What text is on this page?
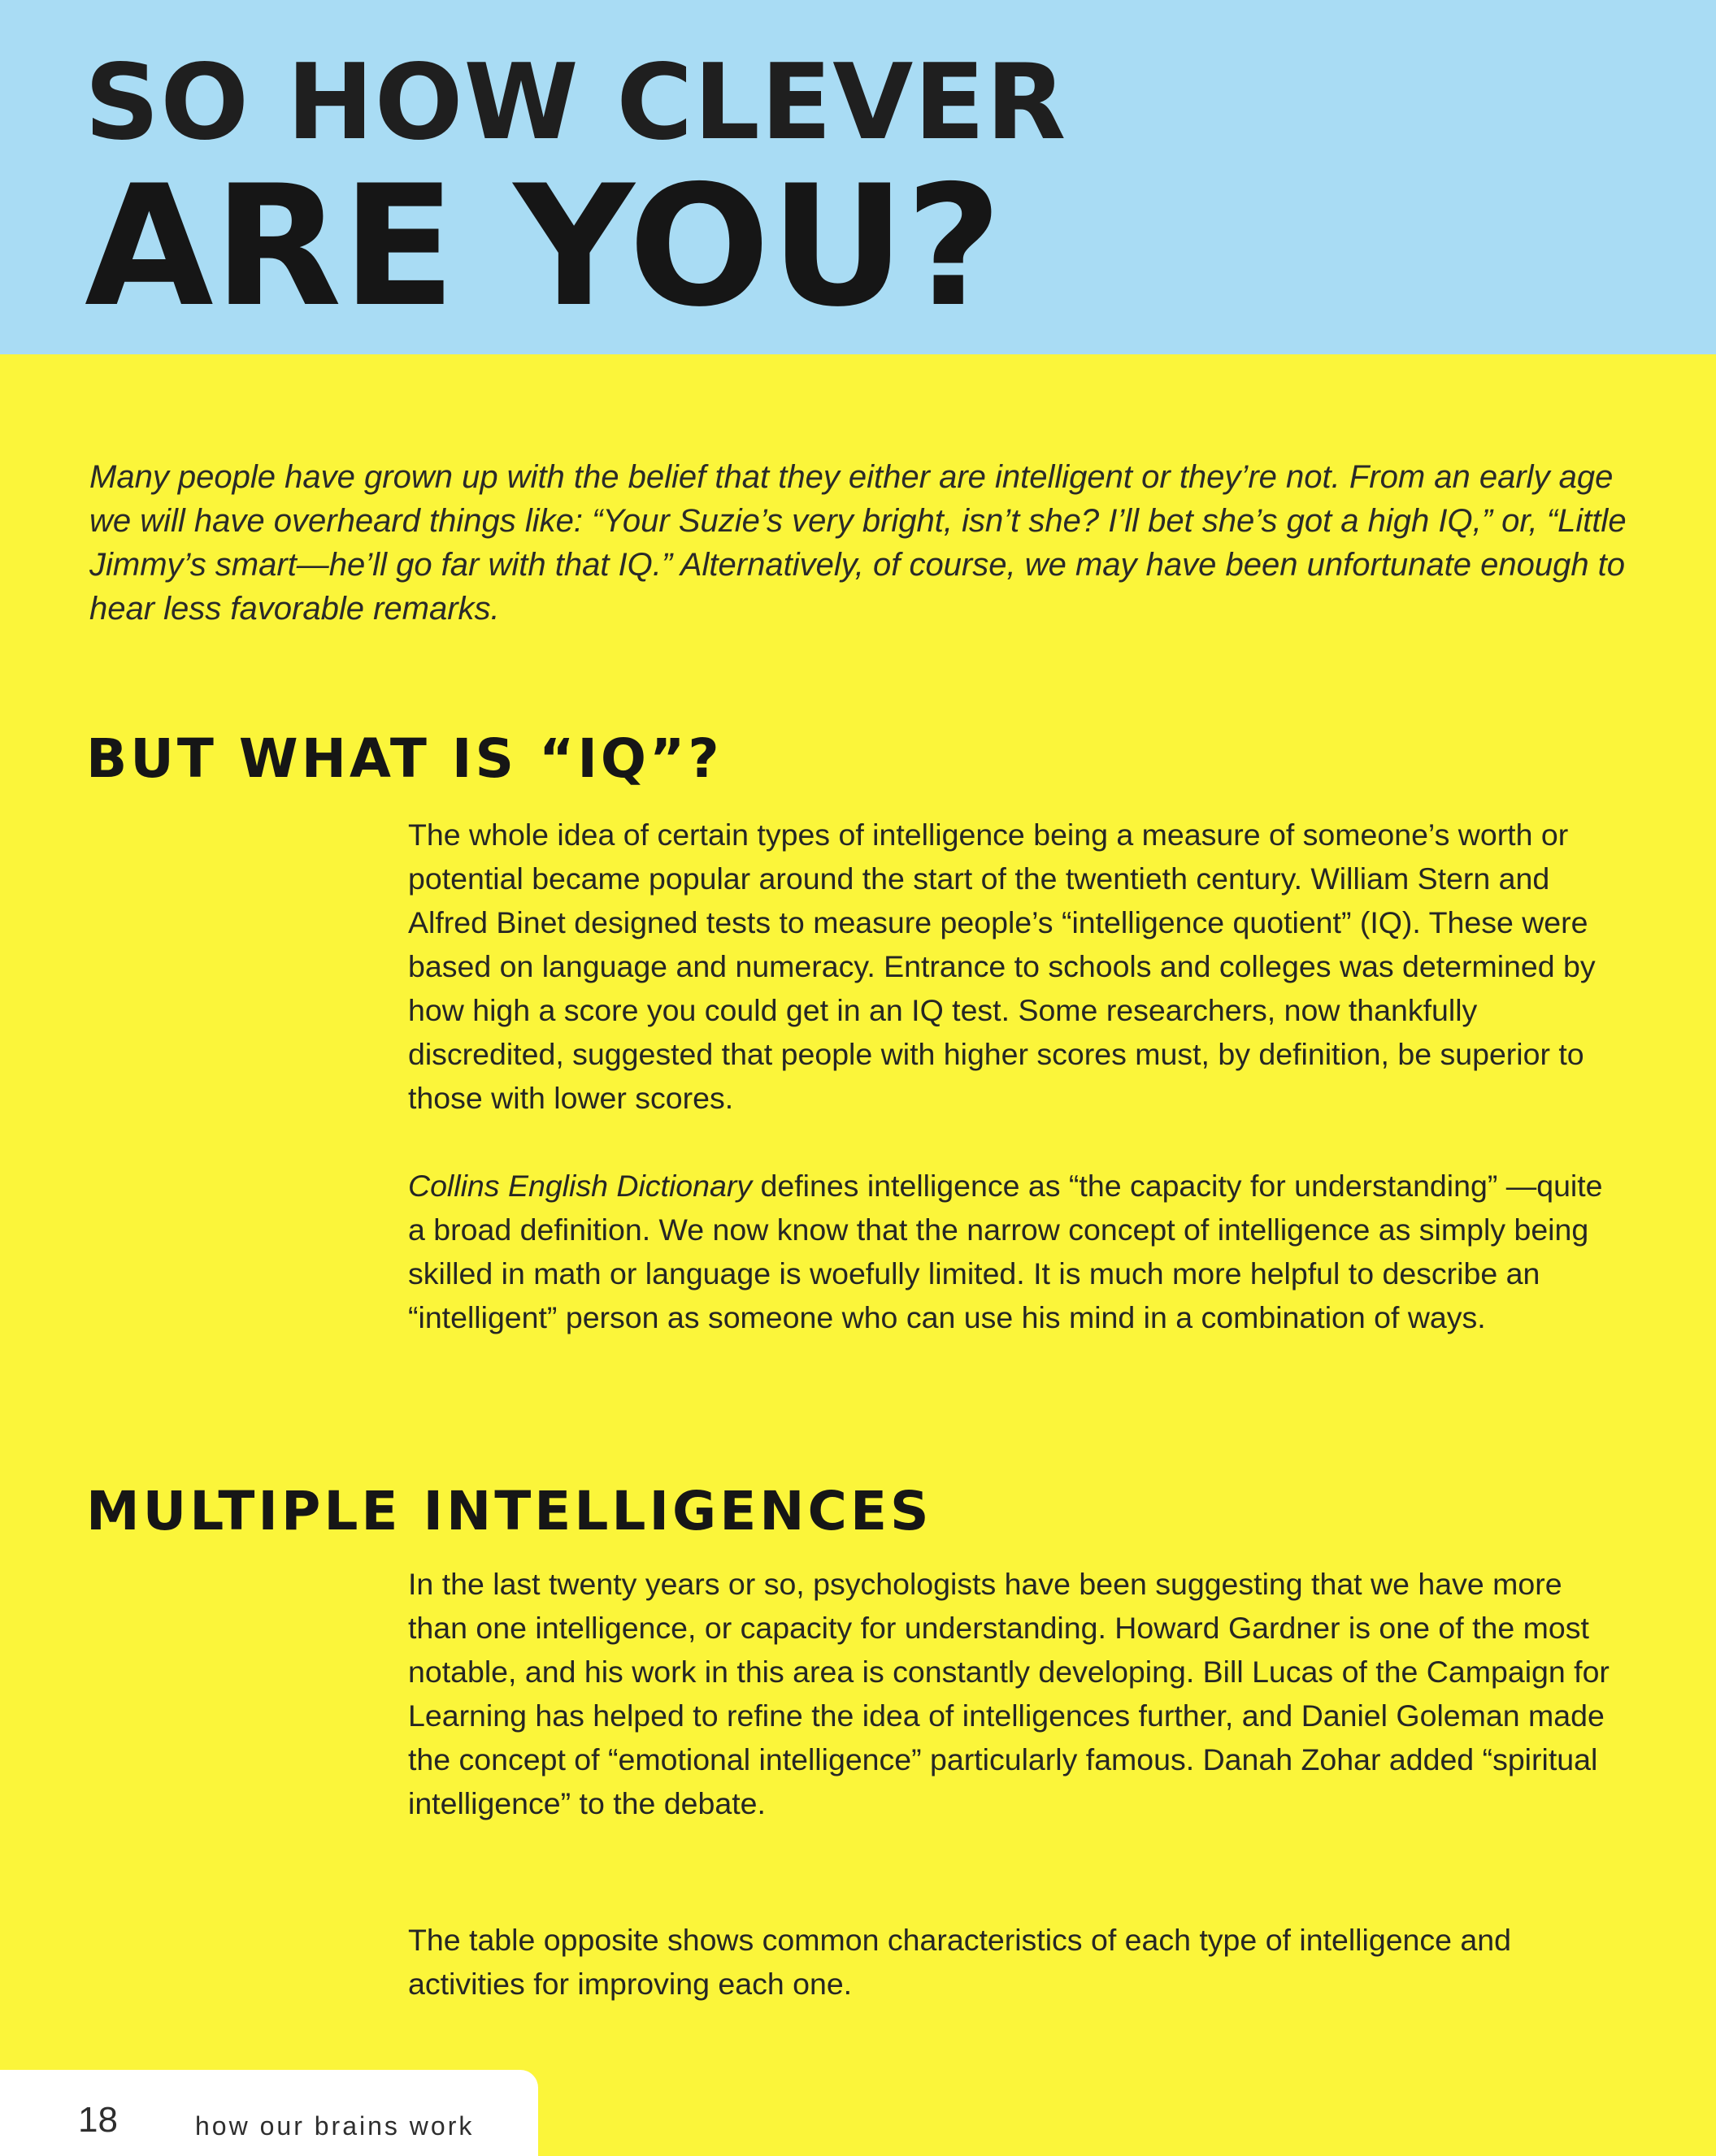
SO HOW CLEVER
ARE YOU?

Many people have grown up with the belief that they either are intelligent or they’re not. From an early age we will have overheard things like: “Your Suzie’s very bright, isn’t she? I’ll bet she’s got a high IQ,” or, “Little Jimmy’s smart—he’ll go far with that IQ.” Alternatively, of course, we may have been unfortunate enough to hear less favorable remarks.

BUT WHAT IS “IQ”?

The whole idea of certain types of intelligence being a measure of someone’s worth or potential became popular around the start of the twentieth century. William Stern and Alfred Binet designed tests to measure people’s “intelligence quotient” (IQ). These were based on language and numeracy. Entrance to schools and colleges was determined by how high a score you could get in an IQ test. Some researchers, now thankfully discredited, suggested that people with higher scores must, by definition, be superior to those with lower scores.

Collins English Dictionary defines intelligence as “the capacity for understanding” —quite a broad definition. We now know that the narrow concept of intelligence as simply being skilled in math or language is woefully limited. It is much more helpful to describe an “intelligent” person as someone who can use his mind in a combination of ways.

MULTIPLE INTELLIGENCES

In the last twenty years or so, psychologists have been suggesting that we have more than one intelligence, or capacity for understanding. Howard Gardner is one of the most notable, and his work in this area is constantly developing. Bill Lucas of the Campaign for Learning has helped to refine the idea of intelligences further, and Daniel Goleman made the concept of “emotional intelligence” particularly famous. Danah Zohar added “spiritual intelligence” to the debate.

The table opposite shows common characteristics of each type of intelligence and activities for improving each one.

18	how our brains work
